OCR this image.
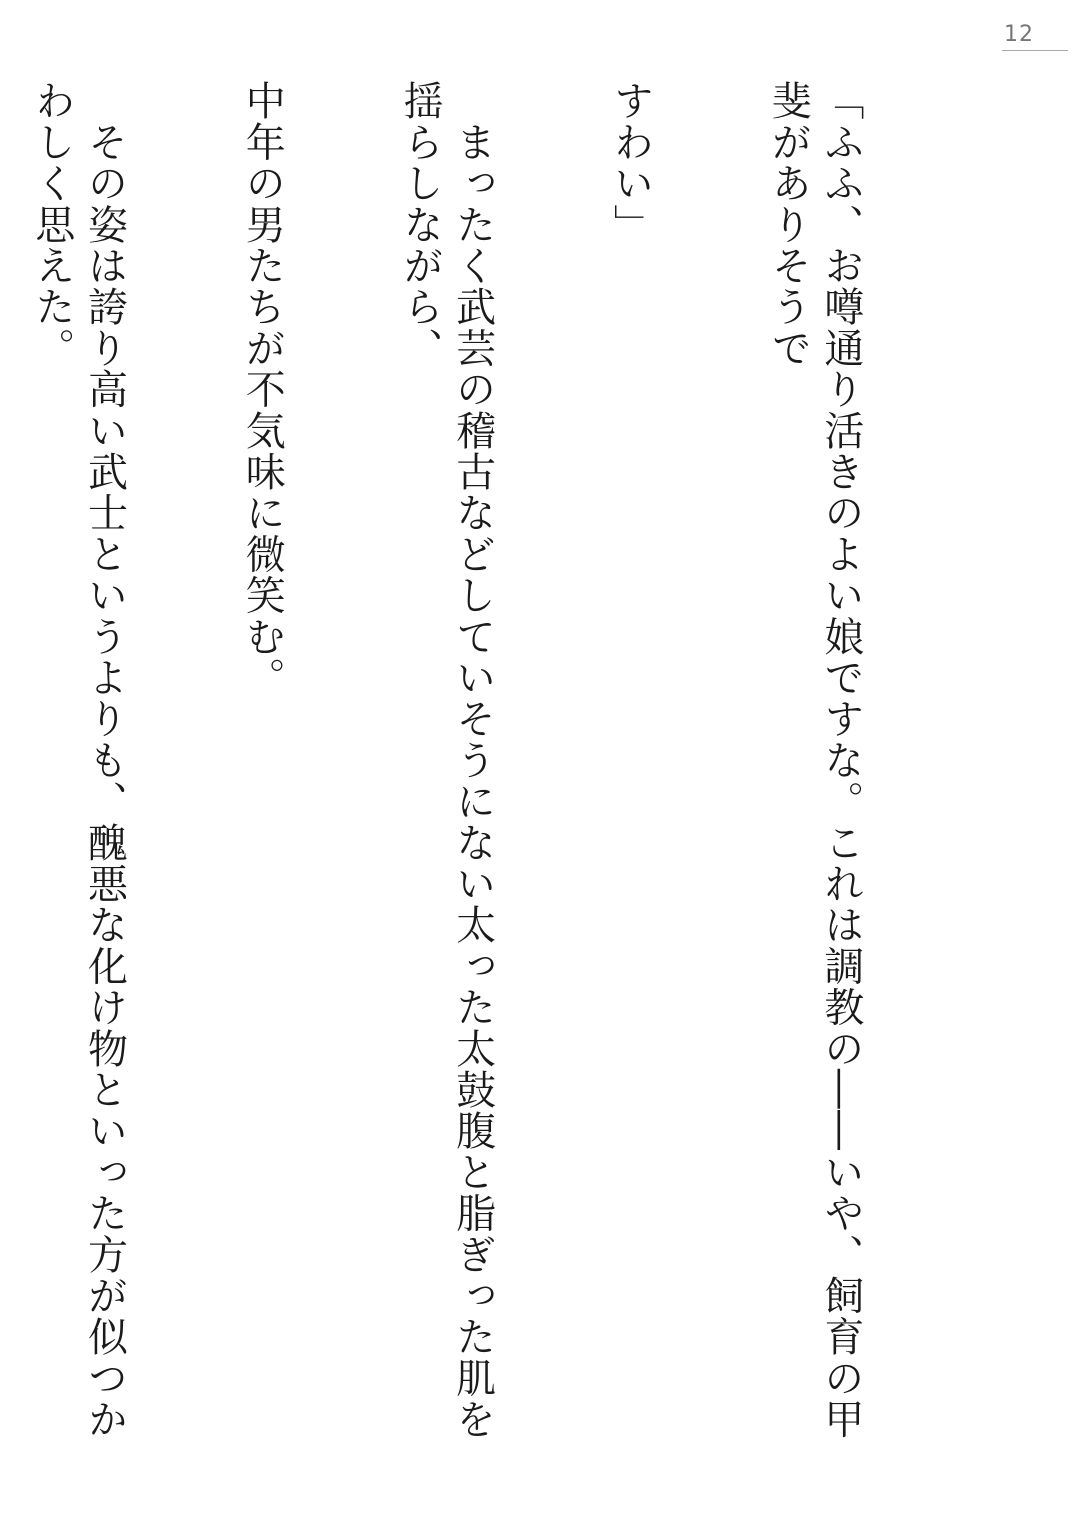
12

「ふふ、お噂通り活きのよい娘ですな。これは調教の――いや、飼育の甲斐がありそうで

すわい」

　まったく武芸の稽古などしていそうにない太った太鼓腹と脂ぎった肌を揺らしながら、

中年の男たちが不気味に微笑む。

　その姿は誇り高い武士というよりも、醜悪な化け物といった方が似つかわしく思えた。
